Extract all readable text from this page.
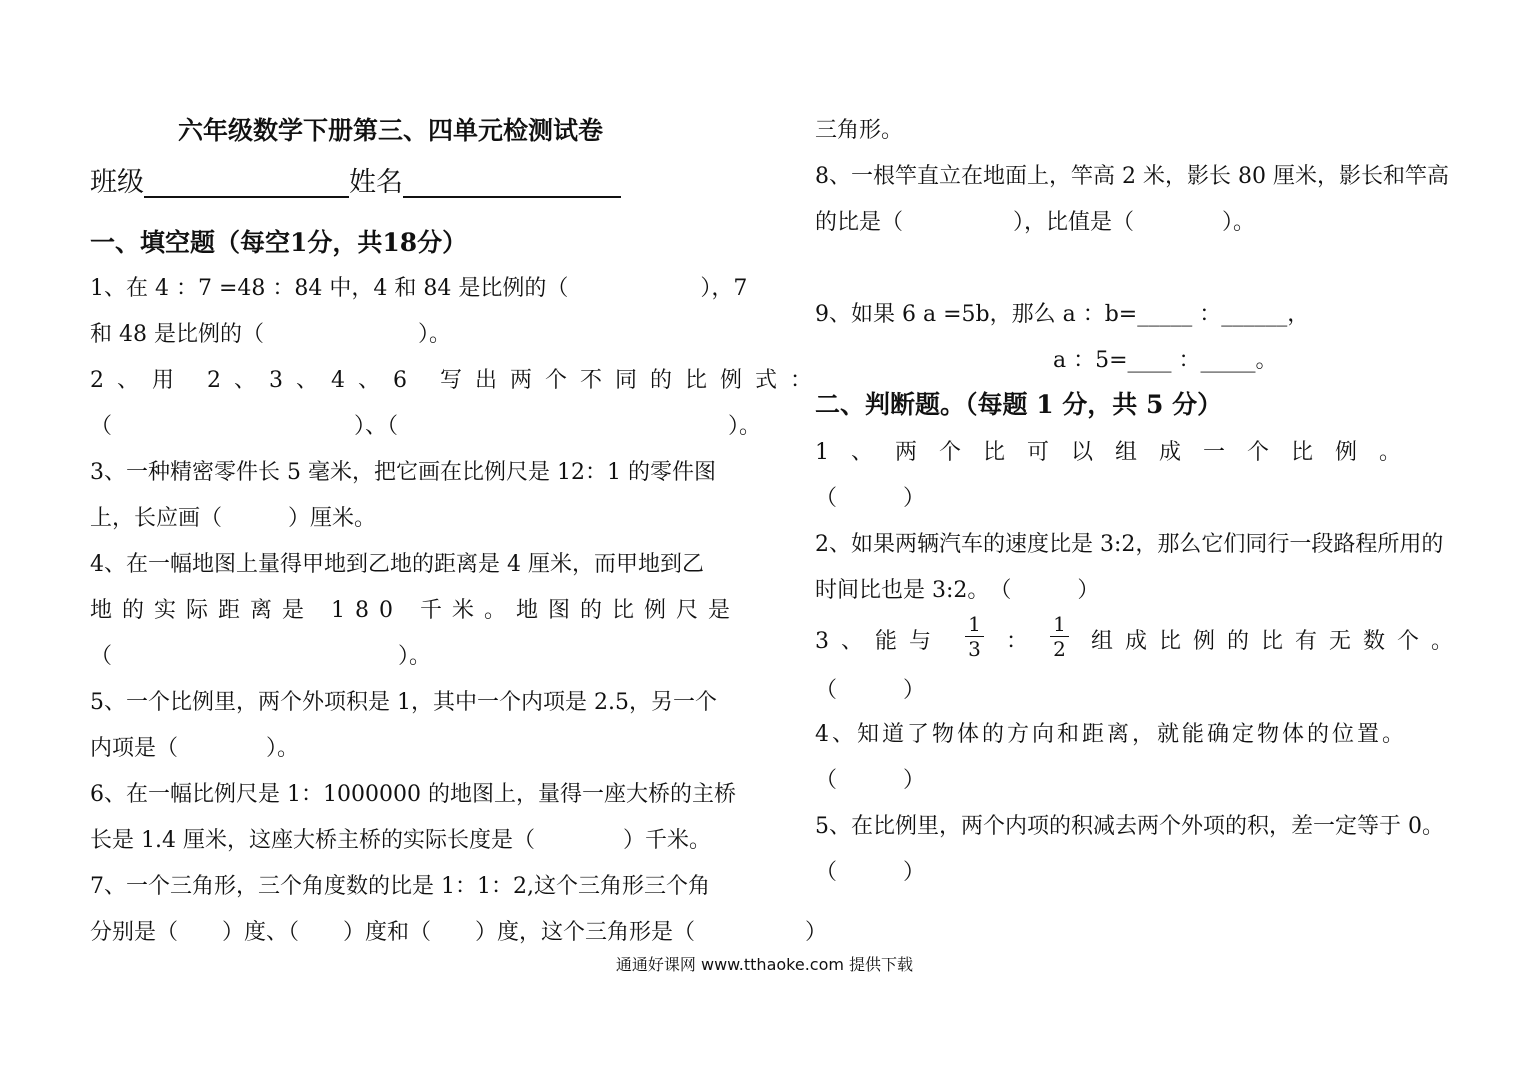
六年级数学下册第三、四单元检测试卷
班级	姓名
一、填空题（每空1分，共18分）
1、在 4 ：7 =48 ：84 中，4 和 84 是比例的（　　　　　　），7
和 48 是比例的（　　　　　　　）。
2、用 2、3、4、6 写出两个不同的比例式：
（　　　　　　　　　　　）、（　　　　　　　　　　　　　　　）。
3、一种精密零件长 5 毫米，把它画在比例尺是 12：1 的零件图
上，长应画（　　　）厘米。
4、在一幅地图上量得甲地到乙地的距离是 4 厘米，而甲地到乙
地的实际距离是 180 千米。地图的比例尺是
（　　　　　　　　　　　　　）。
5、一个比例里，两个外项积是 1，其中一个内项是 2.5，另一个
内项是（　　　　）。
6、在一幅比例尺是 1：1000000 的地图上，量得一座大桥的主桥
长是 1.4 厘米，这座大桥主桥的实际长度是（　　　　）千米。
7、一个三角形，三个角度数的比是 1：1：2,这个三角形三个角
分别是（　　）度、（　　）度和（　　）度，这个三角形是（　　　　　）
三角形。
8、一根竿直立在地面上，竿高 2 米，影长 80 厘米，影长和竿高
的比是（　　　　　），比值是（　　　　）。
9、如果 6 a =5b，那么 a ：b=_____ ：______，
a ：5=____ ：_____。
二、判断题。（每题 1 分，共 5 分）
1、两个比可以组成一个比例。
（　　　）
2、如果两辆汽车的速度比是 3:2，那么它们同行一段路程所用的
时间比也是 3:2。　（　　　）
3、能与 $\frac{1}{3}$ ： $\frac{1}{2}$ 组成比例的比有无数个。
（　　　）
4、知道了物体的方向和距离，就能确定物体的位置。
（　　　）
5、在比例里，两个内项的积减去两个外项的积，差一定等于 0。
（　　　）
通通好课网 www.tthaoke.com 提供下载
